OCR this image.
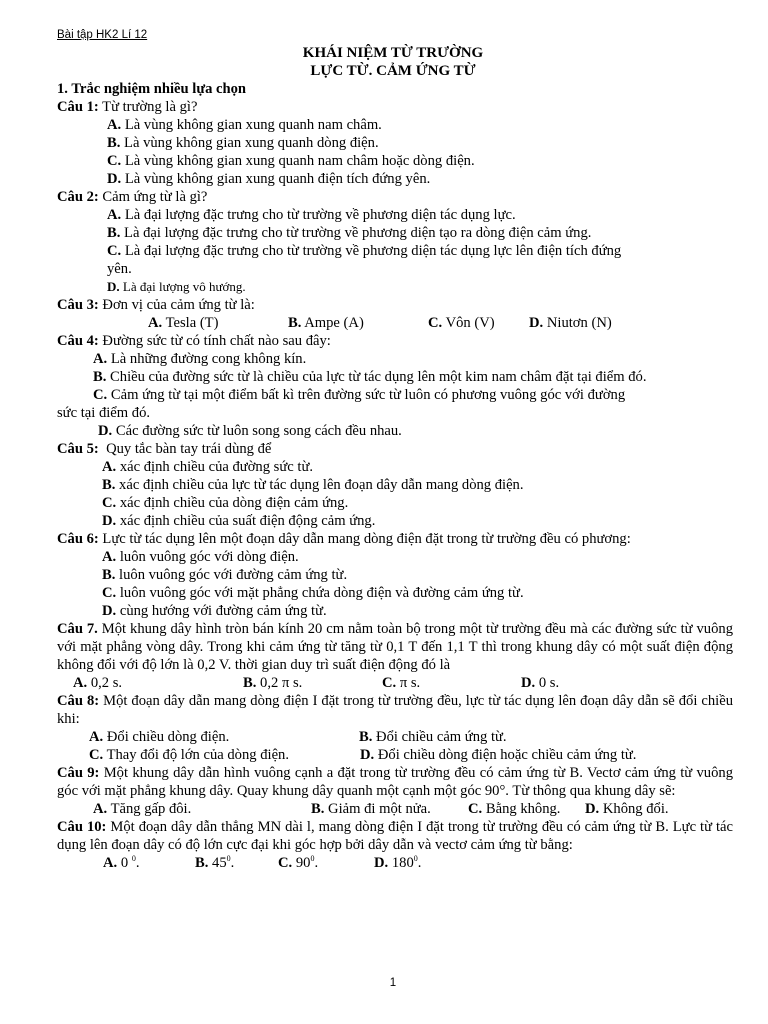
Bài tập HK2 Lí 12
KHÁI NIỆM TỪ TRƯỜNG
LỰC TỪ. CẢM ỨNG TỪ
1. Trắc nghiệm nhiều lựa chọn
Câu 1: Từ trường là gì?
A. Là vùng không gian xung quanh nam châm.
B. Là vùng không gian xung quanh dòng điện.
C. Là vùng không gian xung quanh nam châm hoặc dòng điện.
D. Là vùng không gian xung quanh điện tích đứng yên.
Câu 2: Cảm ứng từ là gì?
A. Là đại lượng đặc trưng cho từ trường về phương diện tác dụng lực.
B. Là đại lượng đặc trưng cho từ trường về phương diện tạo ra dòng điện cảm ứng.
C. Là đại lượng đặc trưng cho từ trường về phương diện tác dụng lực lên điện tích đứng
yên.
D. Là đại lượng vô hướng.
Câu 3: Đơn vị của cảm ứng từ là:
A. Tesla (T)	B. Ampe (A)	C. Vôn (V)	D. Niutơn (N)
Câu 4: Đường sức từ có tính chất nào sau đây:
A. Là những đường cong không kín.
B. Chiều của đường sức từ là chiều của lực từ tác dụng lên một kim nam châm đặt tại điểm đó.
C. Cảm ứng từ tại một điểm bất kì trên đường sức từ luôn có phương vuông góc với đường
sức tại điểm đó.
D. Các đường sức từ luôn song song cách đều nhau.
Câu 5:  Quy tắc bàn tay trái dùng để
A. xác định chiều của đường sức từ.
B. xác định chiều của lực từ tác dụng lên đoạn dây dẫn mang dòng điện.
C. xác định chiều của dòng điện cảm ứng.
D. xác định chiều của suất điện động cảm ứng.
Câu 6: Lực từ tác dụng lên một đoạn dây dẫn mang dòng điện đặt trong từ trường đều có phương:
A. luôn vuông góc với dòng điện.
B. luôn vuông góc với đường cảm ứng từ.
C. luôn vuông góc với mặt phẳng chứa dòng điện và đường cảm ứng từ.
D. cùng hướng với đường cảm ứng từ.
Câu 7. Một khung dây hình tròn bán kính 20 cm nằm toàn bộ trong một từ trường đều mà các đường sức từ vuông với mặt phẳng vòng dây. Trong khi cảm ứng từ tăng từ 0,1 T đến 1,1 T thì trong khung dây có một suất điện động không đổi với độ lớn là 0,2 V. thời gian duy trì suất điện động đó là
A. 0,2 s.	B. 0,2 π s.	C. π s.	D. 0 s.
Câu 8: Một đoạn dây dẫn mang dòng điện I đặt trong từ trường đều, lực từ tác dụng lên đoạn dây dẫn sẽ đổi chiều khi:
A. Đổi chiều dòng điện.	B. Đổi chiều cảm ứng từ.
C. Thay đổi độ lớn của dòng điện.	D. Đổi chiều dòng điện hoặc chiều cảm ứng từ.
Câu 9: Một khung dây dẫn hình vuông cạnh a đặt trong từ trường đều có cảm ứng từ B. Vectơ cảm ứng từ vuông góc với mặt phẳng khung dây. Quay khung dây quanh một cạnh một góc 90°. Từ thông qua khung dây sẽ:
A. Tăng gấp đôi.	B. Giảm đi một nửa.	C. Bằng không.	D. Không đổi.
Câu 10: Một đoạn dây dẫn thẳng MN dài l, mang dòng điện I đặt trong từ trường đều có cảm ứng từ B. Lực từ tác dụng lên đoạn dây có độ lớn cực đại khi góc hợp bởi dây dẫn và vectơ cảm ứng từ bằng:
A. 0 $^0$.	B. $45^0$.	C. $90^0$.	D. $180^0$.
1
